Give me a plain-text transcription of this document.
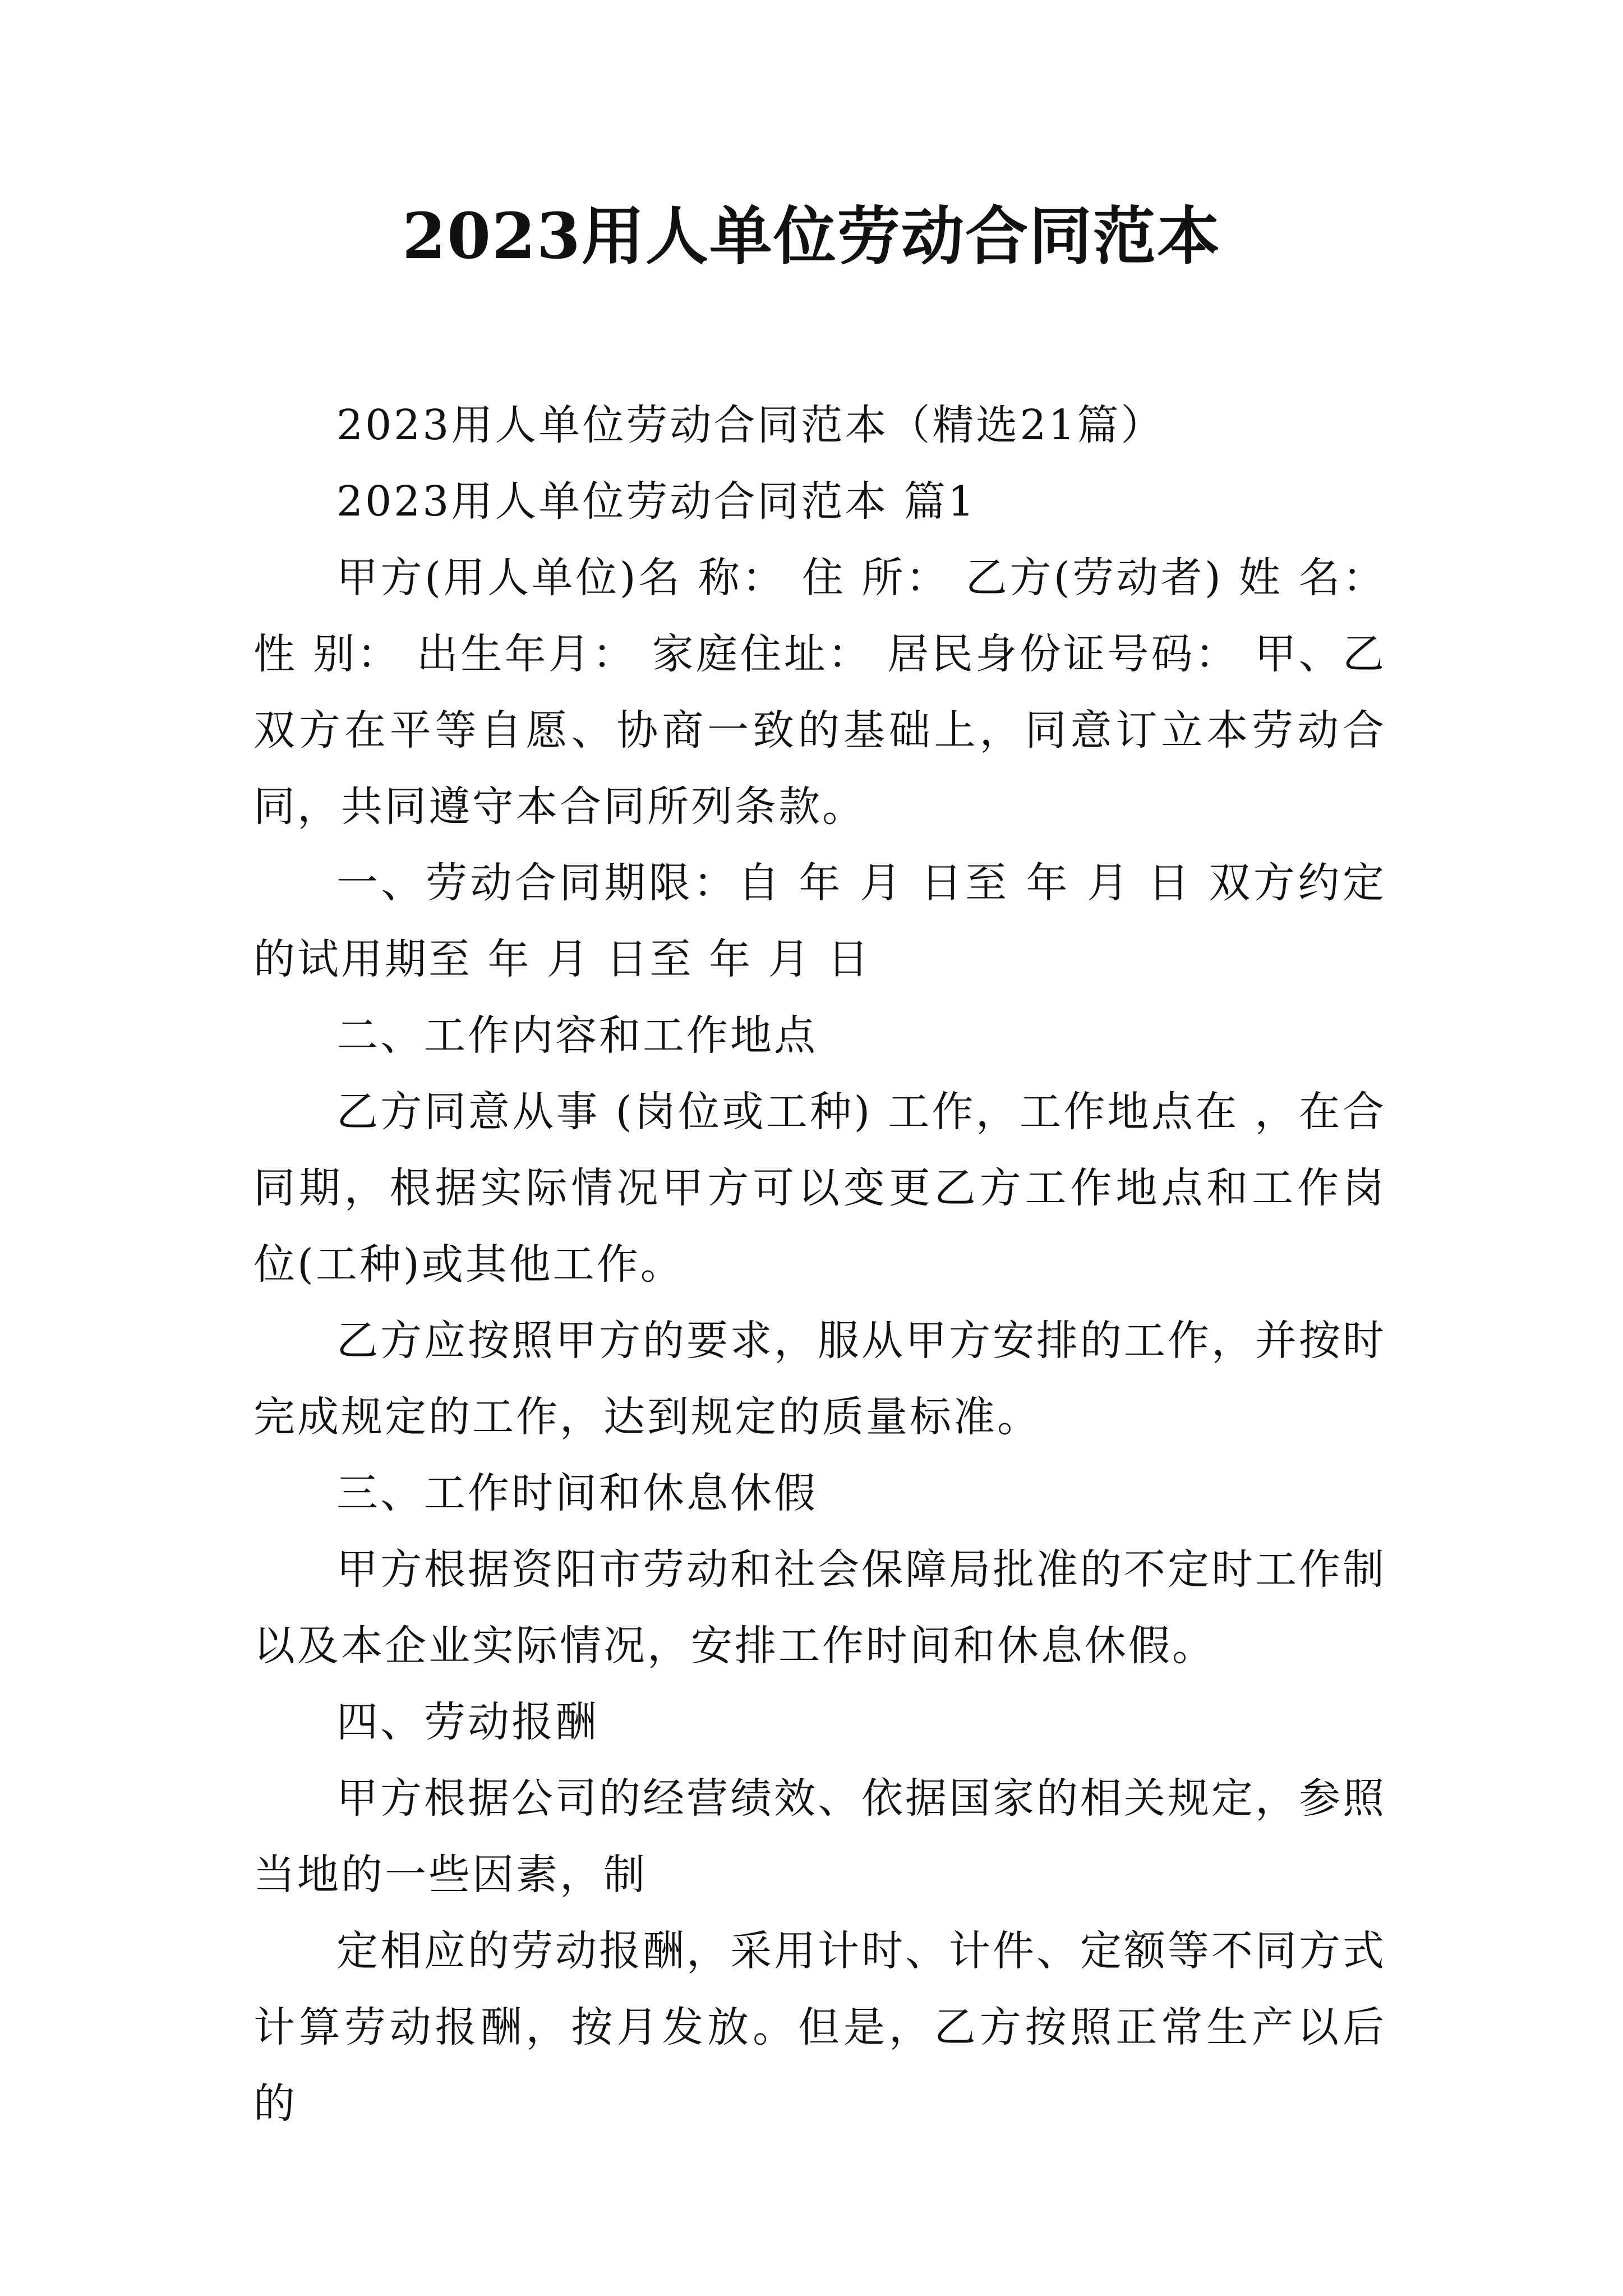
2023用人单位劳动合同范本

2023用人单位劳动合同范本（精选21篇）

2023用人单位劳动合同范本 篇1

甲方(用人单位)名 称： 住 所： 乙方(劳动者) 姓 名： 性 别： 出生年月： 家庭住址： 居民身份证号码： 甲、乙双方在平等自愿、协商一致的基础上，同意订立本劳动合同，共同遵守本合同所列条款。

一、劳动合同期限：自 年 月 日至 年 月 日 双方约定的试用期至 年 月 日至 年 月 日

二、工作内容和工作地点

乙方同意从事 (岗位或工种) 工作，工作地点在 ，在合同期，根据实际情况甲方可以变更乙方工作地点和工作岗位(工种)或其他工作。

乙方应按照甲方的要求，服从甲方安排的工作，并按时完成规定的工作，达到规定的质量标准。

三、工作时间和休息休假

甲方根据资阳市劳动和社会保障局批准的不定时工作制以及本企业实际情况，安排工作时间和休息休假。

四、劳动报酬

甲方根据公司的经营绩效、依据国家的相关规定，参照当地的一些因素，制

定相应的劳动报酬，采用计时、计件、定额等不同方式计算劳动报酬，按月发放。但是，乙方按照正常生产以后的
